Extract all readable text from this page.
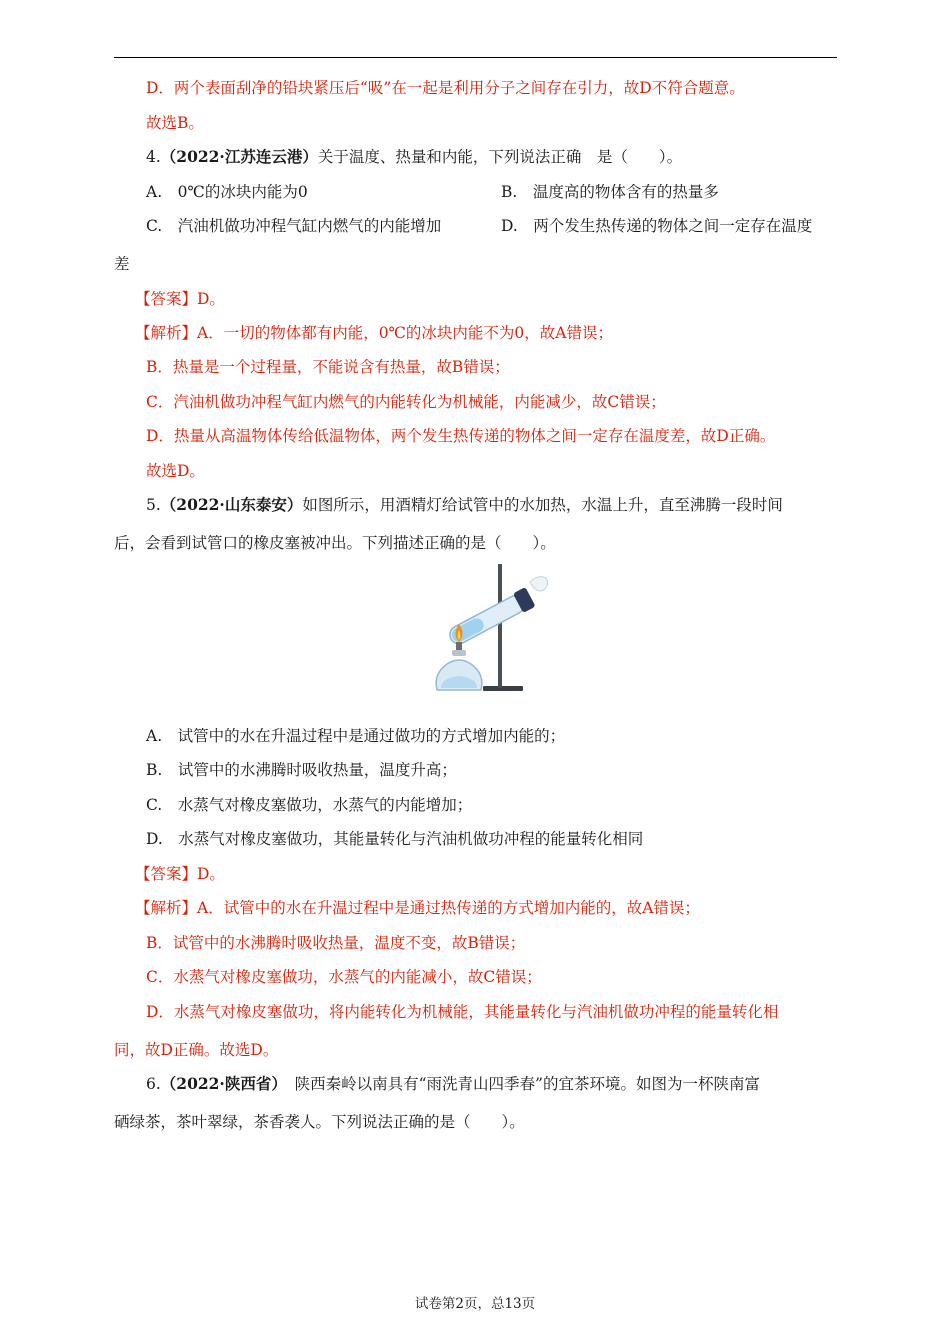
D．两个表面刮净的铅块紧压后“吸”在一起是利用分子之间存在引力，故D不符合题意。
故选B。
4.（2022·江苏连云港）关于温度、热量和内能，下列说法正确　是（　　）。
A.　0℃的冰块内能为0	B.　温度高的物体含有的热量多
C.　汽油机做功冲程气缸内燃气的内能增加	D.　两个发生热传递的物体之间一定存在温度
差
【答案】D。
【解析】A．一切的物体都有内能，0℃的冰块内能不为0，故A错误；
B．热量是一个过程量，不能说含有热量，故B错误；
C．汽油机做功冲程气缸内燃气的内能转化为机械能，内能减少，故C错误；
D．热量从高温物体传给低温物体，两个发生热传递的物体之间一定存在温度差，故D正确。
故选D。
5.（2022·山东泰安）如图所示，用酒精灯给试管中的水加热，水温上升，直至沸腾一段时间
后，会看到试管口的橡皮塞被冲出。下列描述正确的是（　　）。
A.　试管中的水在升温过程中是通过做功的方式增加内能的；
B.　试管中的水沸腾时吸收热量，温度升高；
C.　水蒸气对橡皮塞做功，水蒸气的内能增加；
D.　水蒸气对橡皮塞做功，其能量转化与汽油机做功冲程的能量转化相同
【答案】D。
【解析】A．试管中的水在升温过程中是通过热传递的方式增加内能的，故A错误；
B．试管中的水沸腾时吸收热量，温度不变，故B错误；
C．水蒸气对橡皮塞做功，水蒸气的内能减小，故C错误；
D．水蒸气对橡皮塞做功，将内能转化为机械能，其能量转化与汽油机做功冲程的能量转化相
同，故D正确。故选D。
6.（2022·陕西省）　陕西秦岭以南具有“雨洗青山四季春”的宜茶环境。如图为一杯陕南富
硒绿茶，茶叶翠绿，茶香袭人。下列说法正确的是（　　）。
试卷第2页，总13页
